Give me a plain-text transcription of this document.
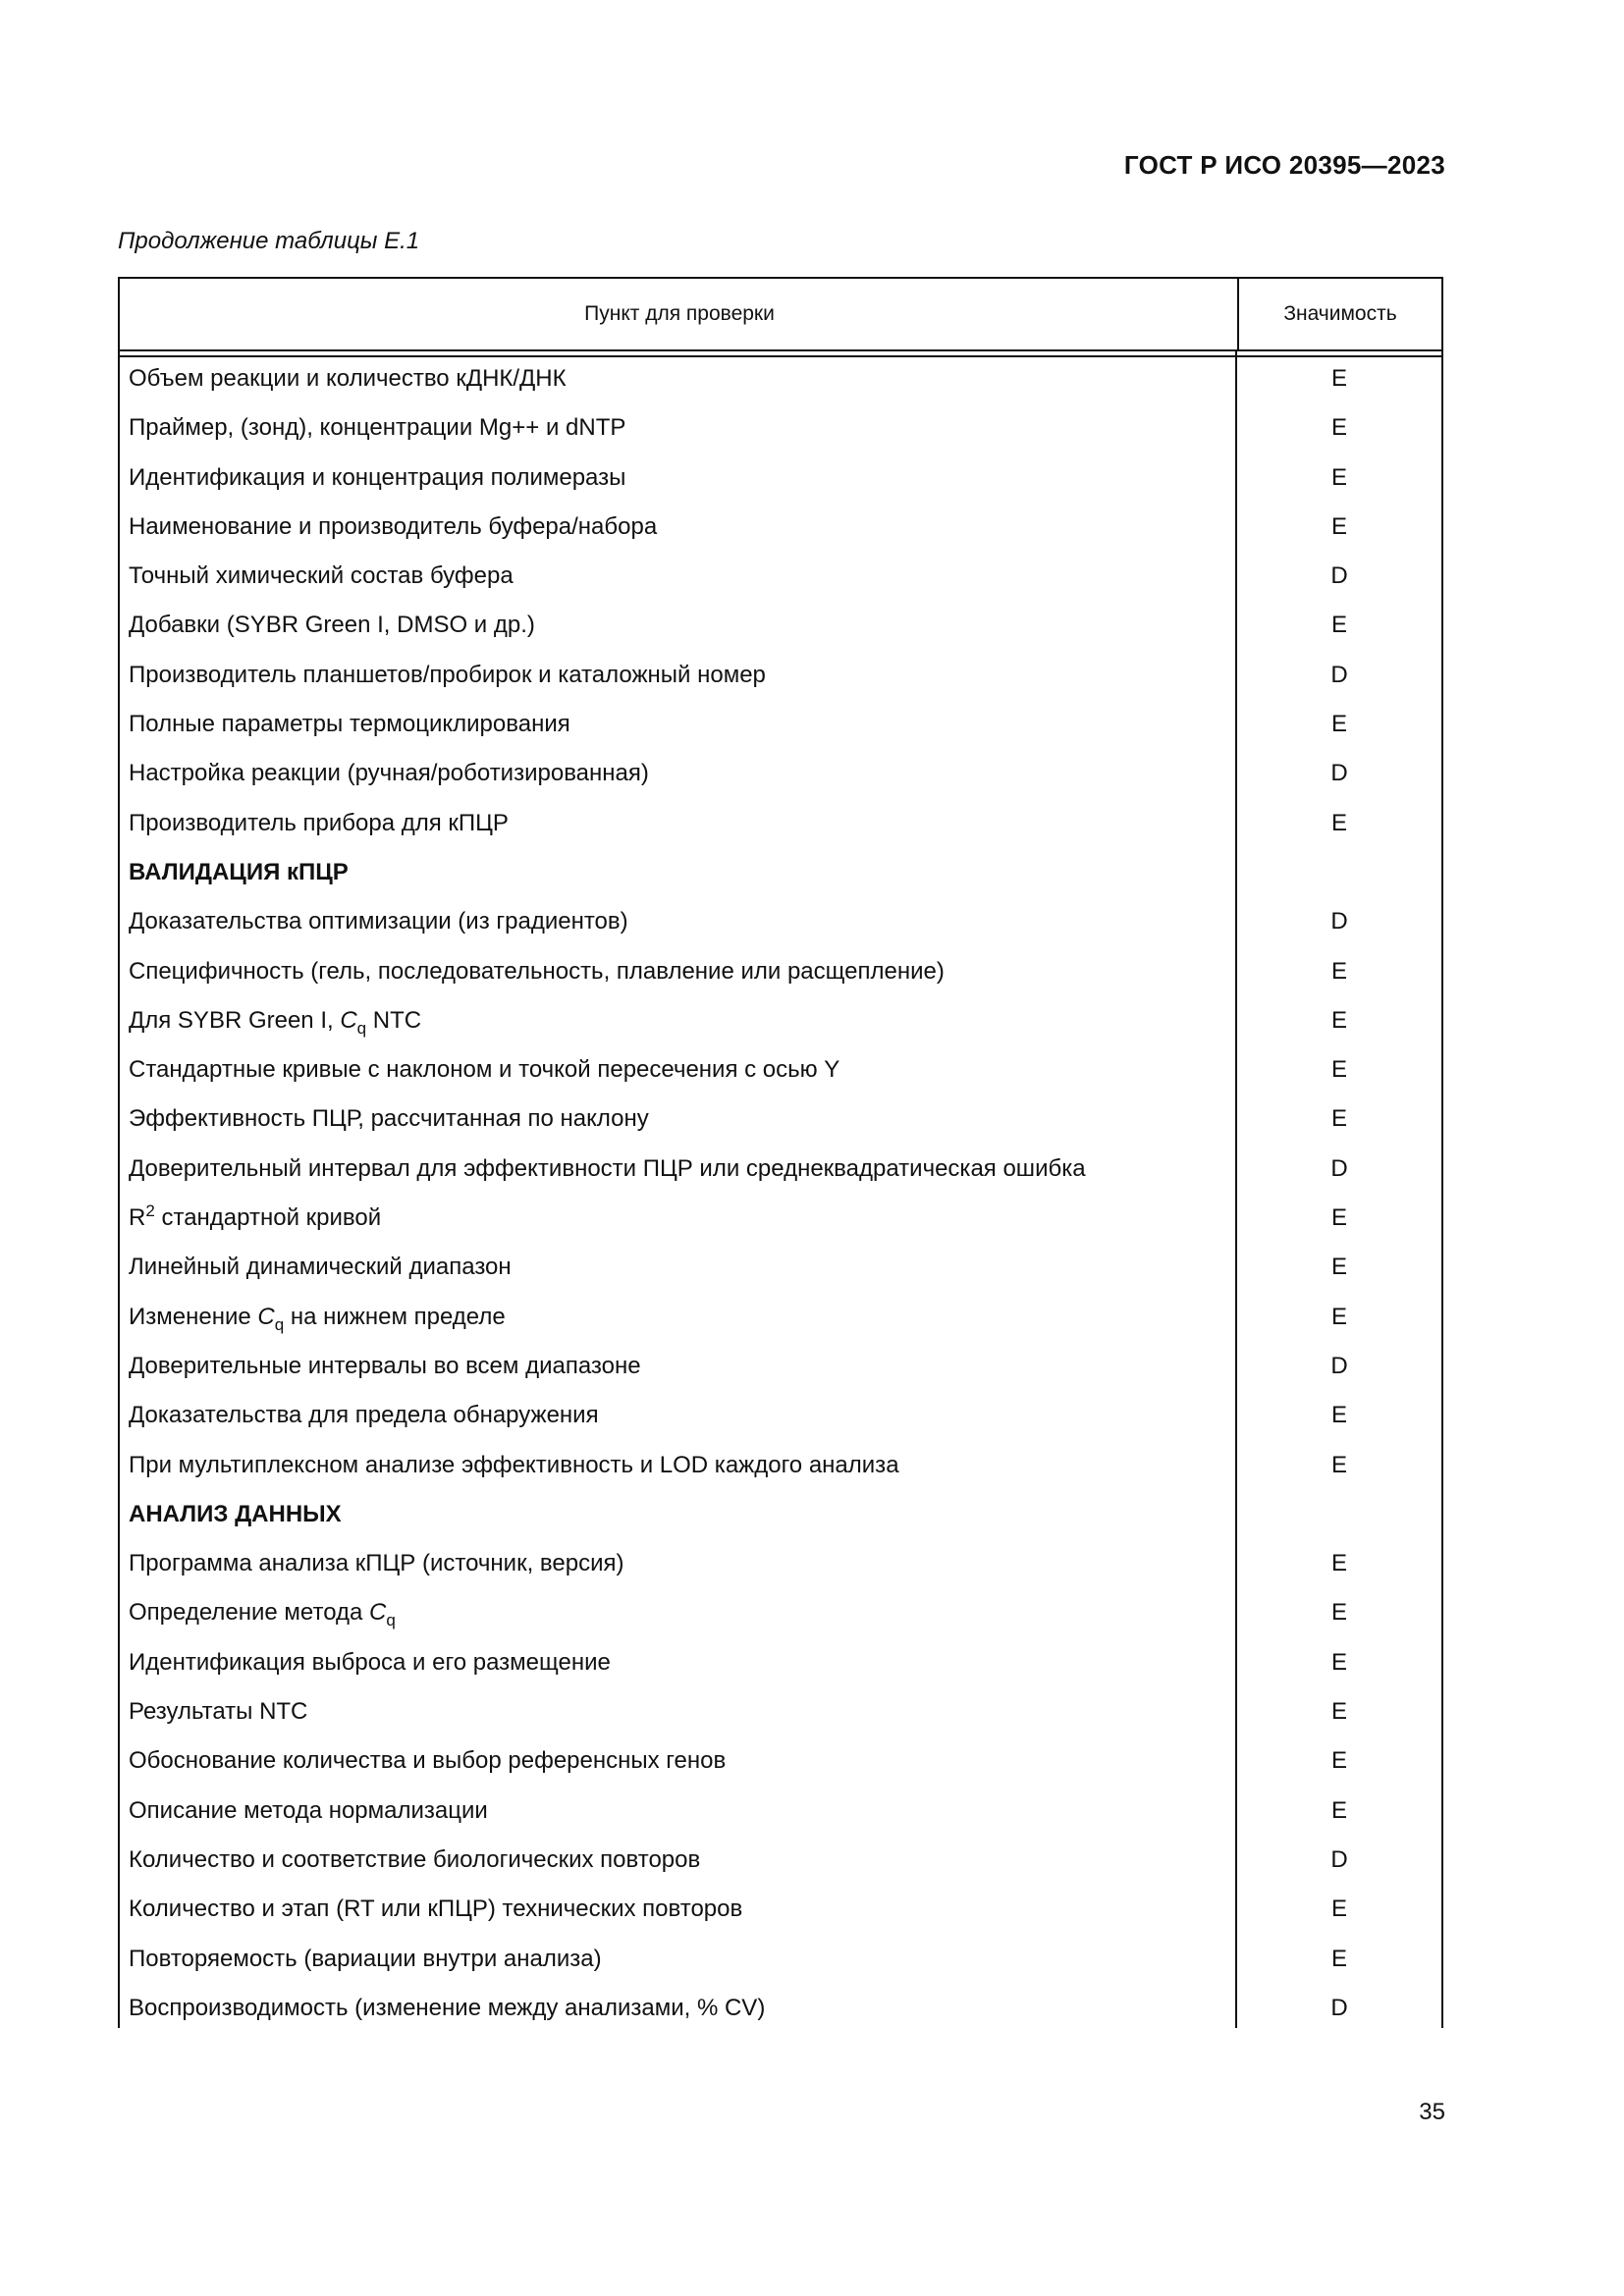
ГОСТ Р ИСО 20395—2023
Продолжение таблицы Е.1
Пункт для проверки	Значимость
Объем реакции и количество кДНК/ДНК	Е
Праймер, (зонд), концентрации Mg++ и dNTP	Е
Идентификация и концентрация полимеразы	Е
Наименование и производитель буфера/набора	Е
Точный химический состав буфера	D
Добавки (SYBR Green I, DMSO и др.)	Е
Производитель планшетов/пробирок и каталожный номер	D
Полные параметры термоциклирования	Е
Настройка реакции (ручная/роботизированная)	D
Производитель прибора для кПЦР	Е
ВАЛИДАЦИЯ кПЦР
Доказательства оптимизации (из градиентов)	D
Специфичность (гель, последовательность, плавление или расщепление)	Е
Для SYBR Green I, $C_q$ NTC	Е
Стандартные кривые с наклоном и точкой пересечения с осью Y	Е
Эффективность ПЦР, рассчитанная по наклону	Е
Доверительный интервал для эффективности ПЦР или среднеквадратическая ошибка	D
$R^2$ стандартной кривой	Е
Линейный динамический диапазон	Е
Изменение $C_q$ на нижнем пределе	Е
Доверительные интервалы во всем диапазоне	D
Доказательства для предела обнаружения	Е
При мультиплексном анализе эффективность и LOD каждого анализа	Е
АНАЛИЗ ДАННЫХ
Программа анализа кПЦР (источник, версия)	Е
Определение метода $C_q$	Е
Идентификация выброса и его размещение	Е
Результаты NTC	Е
Обоснование количества и выбор референсных генов	Е
Описание метода нормализации	Е
Количество и соответствие биологических повторов	D
Количество и этап (RT или кПЦР) технических повторов	Е
Повторяемость (вариации внутри анализа)	Е
Воспроизводимость (изменение между анализами, % CV)	D
35
